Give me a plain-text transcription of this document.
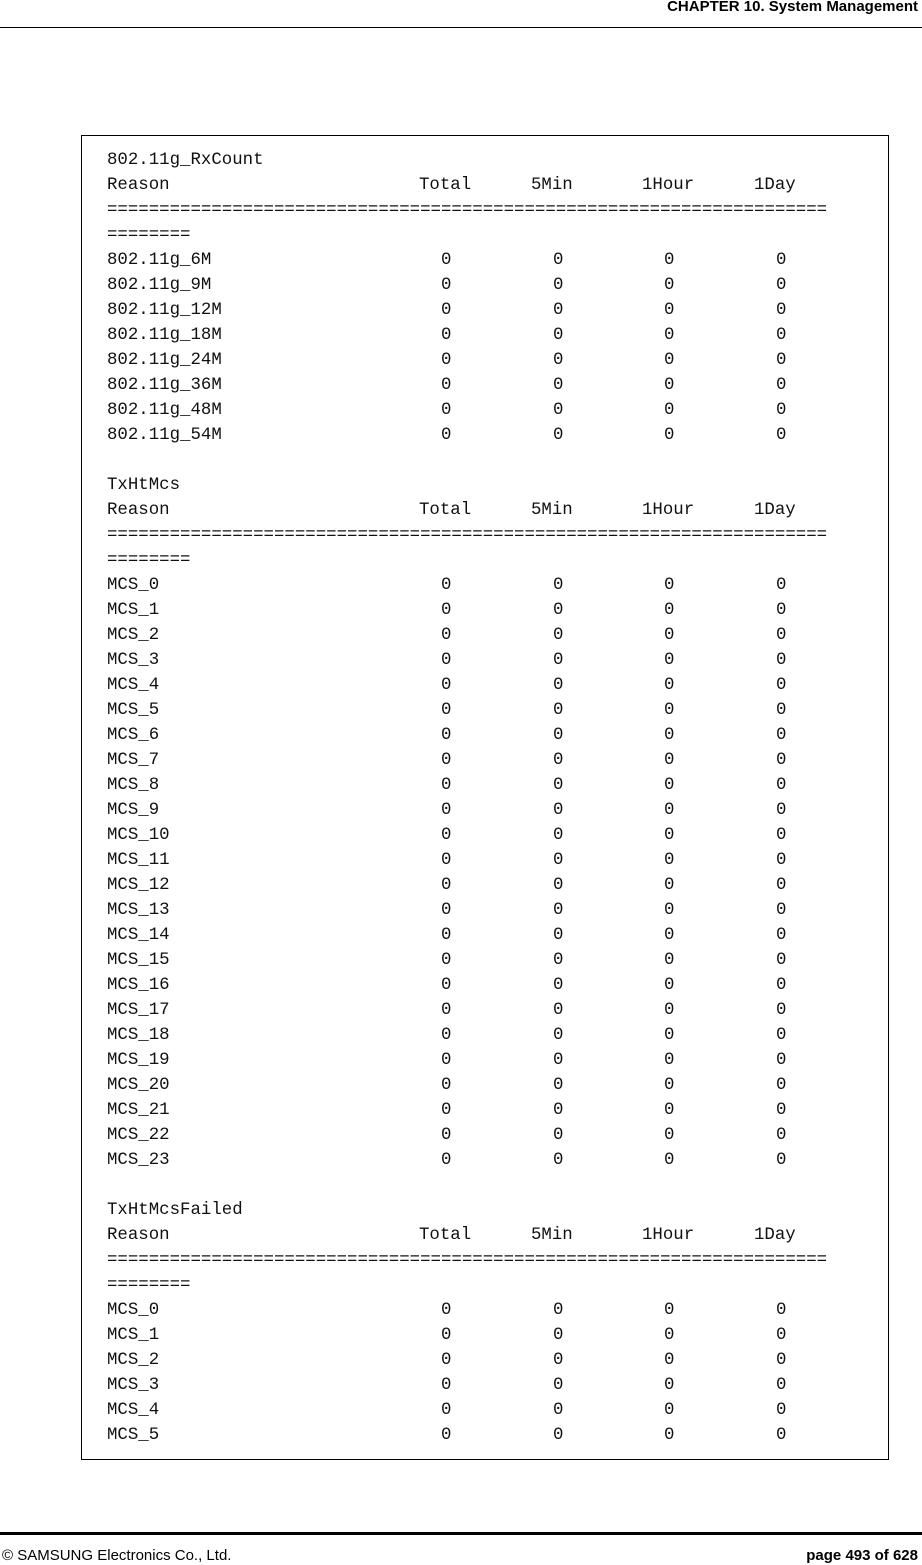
CHAPTER 10. System Management
802.11g_RxCount
Reason	Total	5Min	1Hour	1Day
=====================================================================
========
802.11g_6M	0	0	0	0
802.11g_9M	0	0	0	0
802.11g_12M	0	0	0	0
802.11g_18M	0	0	0	0
802.11g_24M	0	0	0	0
802.11g_36M	0	0	0	0
802.11g_48M	0	0	0	0
802.11g_54M	0	0	0	0

TxHtMcs
Reason	Total	5Min	1Hour	1Day
=====================================================================
========
MCS_0	0	0	0	0
MCS_1	0	0	0	0
MCS_2	0	0	0	0
MCS_3	0	0	0	0
MCS_4	0	0	0	0
MCS_5	0	0	0	0
MCS_6	0	0	0	0
MCS_7	0	0	0	0
MCS_8	0	0	0	0
MCS_9	0	0	0	0
MCS_10	0	0	0	0
MCS_11	0	0	0	0
MCS_12	0	0	0	0
MCS_13	0	0	0	0
MCS_14	0	0	0	0
MCS_15	0	0	0	0
MCS_16	0	0	0	0
MCS_17	0	0	0	0
MCS_18	0	0	0	0
MCS_19	0	0	0	0
MCS_20	0	0	0	0
MCS_21	0	0	0	0
MCS_22	0	0	0	0
MCS_23	0	0	0	0

TxHtMcsFailed
Reason	Total	5Min	1Hour	1Day
=====================================================================
========
MCS_0	0	0	0	0
MCS_1	0	0	0	0
MCS_2	0	0	0	0
MCS_3	0	0	0	0
MCS_4	0	0	0	0
MCS_5	0	0	0	0
© SAMSUNG Electronics Co., Ltd.	page 493 of 628
